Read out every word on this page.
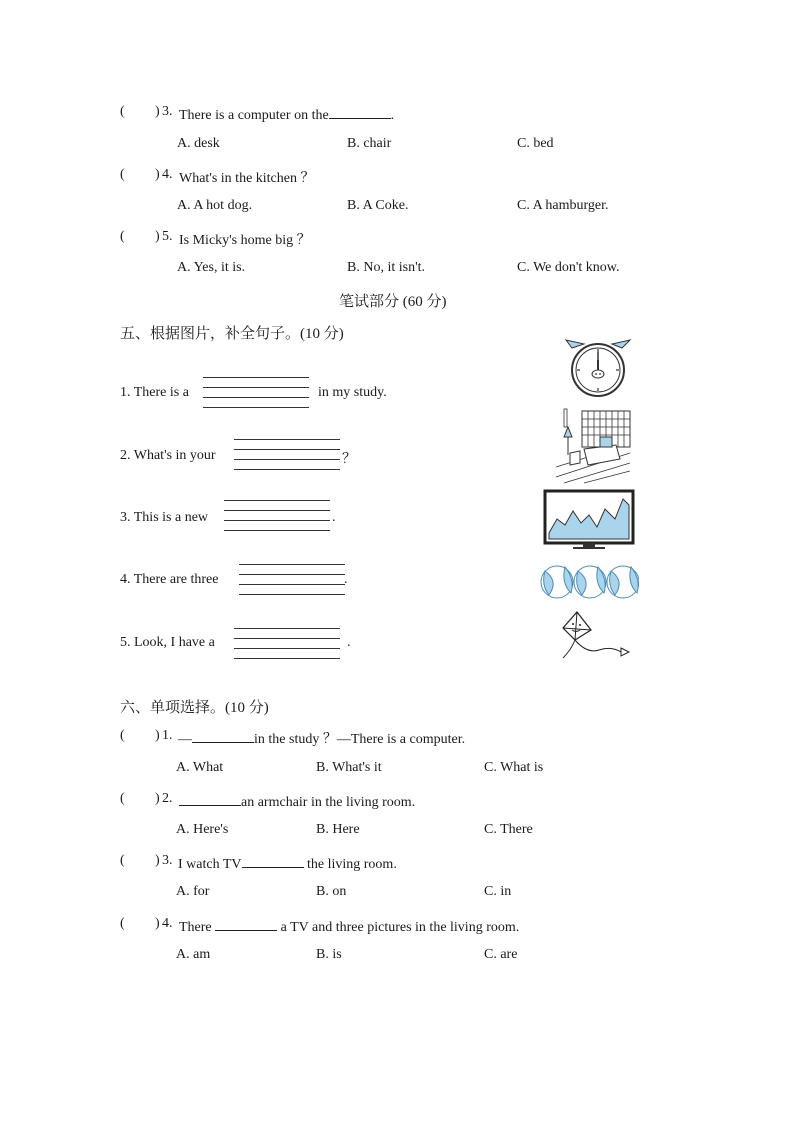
( ) 3. There is a computer on the	.
A. desk	B. chair	C. bed
( ) 4. What's in the kitchen ？
A. A hot dog.	B. A Coke.	C. A hamburger.
( ) 5. Is Micky's home big ？
A. Yes, it is.	B. No, it isn't.	C. We don't know.
笔试部分 (60 分)
五、根据图片，补全句子。(10 分)
1. There is a	in my study.
2. What's in your	？
3. This is a new	.
4. There are three	.
5. Look, I have a	.
六、单项选择。(10 分)
( ) 1. —	in the study ？—There is a computer.
A. What	B. What's it	C. What is
( ) 2.	an armchair in the living room.
A. Here's	B. Here	C. There
( ) 3. I watch TV	the living room.
A. for	B. on	C. in
( ) 4. There	a TV and three pictures in the living room.
A. am	B. is	C. are
